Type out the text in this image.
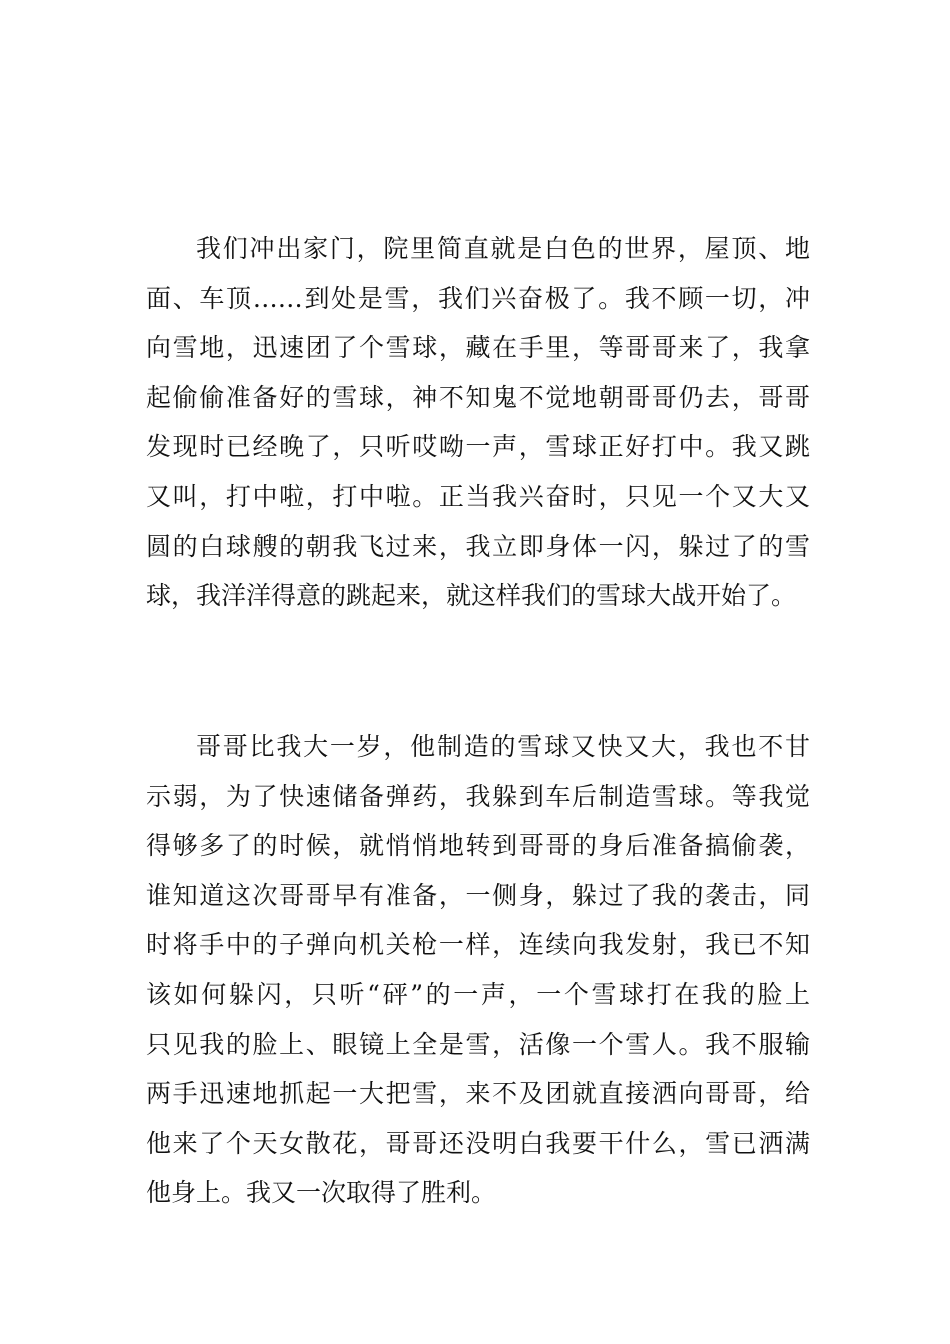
我们冲出家门，院里简直就是白色的世界，屋顶、地
面、车顶……到处是雪，我们兴奋极了。我不顾一切，冲
向雪地，迅速团了个雪球，藏在手里，等哥哥来了，我拿
起偷偷准备好的雪球，神不知鬼不觉地朝哥哥仍去，哥哥
发现时已经晚了，只听哎呦一声，雪球正好打中。我又跳
又叫，打中啦，打中啦。正当我兴奋时，只见一个又大又
圆的白球艘的朝我飞过来，我立即身体一闪，躲过了的雪
球，我洋洋得意的跳起来，就这样我们的雪球大战开始了。
哥哥比我大一岁，他制造的雪球又快又大，我也不甘
示弱，为了快速储备弹药，我躲到车后制造雪球。等我觉
得够多了的时候，就悄悄地转到哥哥的身后准备搞偷袭，
谁知道这次哥哥早有准备，一侧身，躲过了我的袭击，同
时将手中的子弹向机关枪一样，连续向我发射，我已不知
该如何躲闪，只听“砰”的一声，一个雪球打在我的脸上
只见我的脸上、眼镜上全是雪，活像一个雪人。我不服输
两手迅速地抓起一大把雪，来不及团就直接洒向哥哥，给
他来了个天女散花，哥哥还没明白我要干什么，雪已洒满
他身上。我又一次取得了胜利。
